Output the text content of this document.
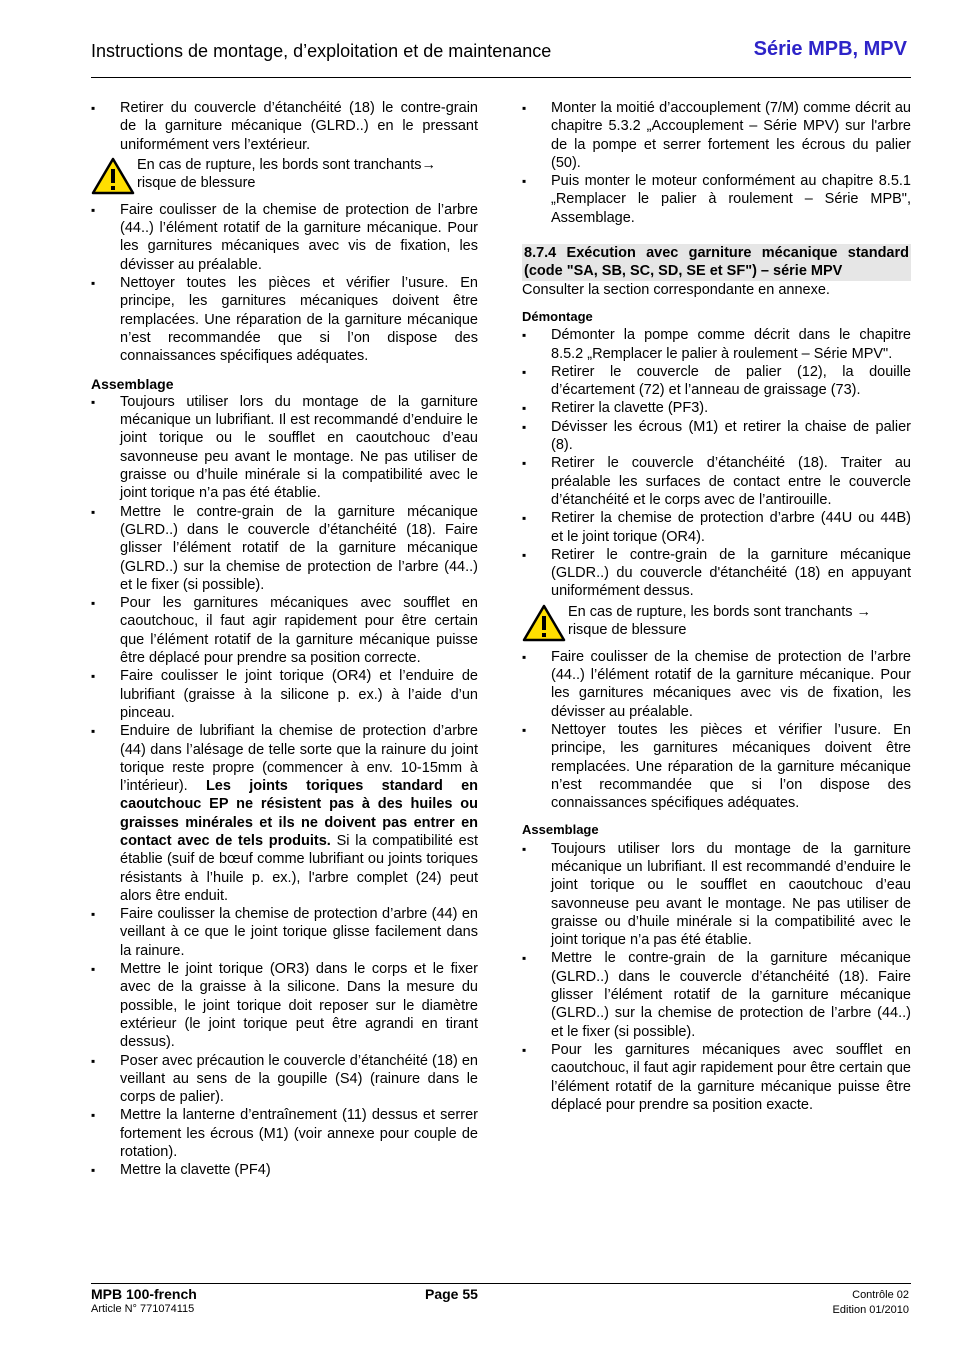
Instructions de montage, d’exploitation et de maintenance	Série MPB, MPV
▪ Retirer du couvercle d’étanchéité (18) le contre-grain de la garniture mécanique (GLRD..) en le pressant uniformément vers l’extérieur.
En cas de rupture, les bords sont tranchants→ risque de blessure
▪ Faire coulisser de la chemise de protection de l’arbre (44..) l’élément rotatif de la garniture mécanique. Pour les garnitures mécaniques avec vis de fixation, les dévisser au préalable.
▪ Nettoyer toutes les pièces et vérifier l’usure. En principe, les garnitures mécaniques doivent être remplacées. Une réparation de la garniture mécanique n’est recommandée que si l’on dispose des connaissances spécifiques adéquates.
Assemblage
▪ Toujours utiliser lors du montage de la garniture mécanique un lubrifiant. Il est recommandé d’enduire le joint torique ou le soufflet en caoutchouc d’eau savonneuse peu avant le montage. Ne pas utiliser de graisse ou d’huile minérale si la compatibilité avec le joint torique n’a pas été établie.
▪ Mettre le contre-grain de la garniture mécanique (GLRD..) dans le couvercle d’étanchéité (18). Faire glisser l’élément rotatif de la garniture mécanique (GLRD..) sur la chemise de protection de l’arbre (44..) et le fixer (si possible).
▪ Pour les garnitures mécaniques avec soufflet en caoutchouc, il faut agir rapidement pour être certain que l’élément rotatif de la garniture mécanique puisse être déplacé pour prendre sa position correcte.
▪ Faire coulisser le joint torique (OR4) et l’enduire de lubrifiant (graisse à la silicone p. ex.) à l’aide d’un pinceau.
▪ Enduire de lubrifiant la chemise de protection d’arbre (44) dans l’alésage de telle sorte que la rainure du joint torique reste propre (commencer à env. 10-15mm à l’intérieur). Les joints toriques standard en caoutchouc EP ne résistent pas à des huiles ou graisses minérales et ils ne doivent pas entrer en contact avec de tels produits. Si la compatibilité est établie (suif de bœuf comme lubrifiant ou joints toriques résistants à l’huile p. ex.), l'arbre complet (24) peut alors être enduit.
▪ Faire coulisser la chemise de protection d’arbre (44) en veillant à ce que le joint torique glisse facilement dans la rainure.
▪ Mettre le joint torique (OR3) dans le corps et le fixer avec de la graisse à la silicone. Dans la mesure du possible, le joint torique doit reposer sur le diamètre extérieur (le joint torique peut être agrandi en tirant dessus).
▪ Poser avec précaution le couvercle d’étanchéité (18) en veillant au sens de la goupille (S4) (rainure dans le corps de palier).
▪ Mettre la lanterne d’entraînement (11) dessus et serrer fortement les écrous (M1) (voir annexe pour couple de rotation).
▪ Mettre la clavette (PF4)
▪ Monter la moitié d’accouplement (7/M) comme décrit au chapitre 5.3.2 „Accouplement – Série MPV) sur l'arbre de la pompe et serrer fortement les écrous du palier (50).
▪ Puis monter le moteur conformément au chapitre 8.5.1 „Remplacer le palier à roulement – Série MPB", Assemblage.
8.7.4 Exécution avec garniture mécanique standard (code "SA, SB, SC, SD, SE et SF") – série MPV
Consulter la section correspondante en annexe.
Démontage
▪ Démonter la pompe comme décrit dans le chapitre 8.5.2 „Remplacer le palier à roulement – Série MPV".
▪ Retirer le couvercle de palier (12), la douille d’écartement (72) et l’anneau de graissage (73).
▪ Retirer la clavette (PF3).
▪ Dévisser les écrous (M1) et retirer la chaise de palier (8).
▪ Retirer le couvercle d’étanchéité (18). Traiter au préalable les surfaces de contact entre le couvercle d’étanchéité et le corps avec de l’antirouille.
▪ Retirer la chemise de protection d’arbre (44U ou 44B) et le joint torique (OR4).
▪ Retirer le contre-grain de la garniture mécanique (GLDR..) du couvercle d'étanchéité (18) en appuyant uniformément dessus.
En cas de rupture, les bords sont tranchants → risque de blessure
▪ Faire coulisser de la chemise de protection de l’arbre (44..) l’élément rotatif de la garniture mécanique. Pour les garnitures mécaniques avec vis de fixation, les dévisser au préalable.
▪ Nettoyer toutes les pièces et vérifier l’usure. En principe, les garnitures mécaniques doivent être remplacées. Une réparation de la garniture mécanique n’est recommandée que si l’on dispose des connaissances spécifiques adéquates.
Assemblage
▪ Toujours utiliser lors du montage de la garniture mécanique un lubrifiant. Il est recommandé d’enduire le joint torique ou le soufflet en caoutchouc d’eau savonneuse peu avant le montage. Ne pas utiliser de graisse ou d’huile minérale si la compatibilité avec le joint torique n’a pas été établie.
▪ Mettre le contre-grain de la garniture mécanique (GLRD..) dans le couvercle d’étanchéité (18). Faire glisser l’élément rotatif de la garniture mécanique (GLRD..) sur la chemise de protection de l’arbre (44..) et le fixer (si possible).
▪ Pour les garnitures mécaniques avec soufflet en caoutchouc, il faut agir rapidement pour être certain que l’élément rotatif de la garniture mécanique puisse être déplacé pour prendre sa position exacte.
MPB 100-french
Article N° 771074115
Page 55	Contrôle 02
Edition 01/2010
